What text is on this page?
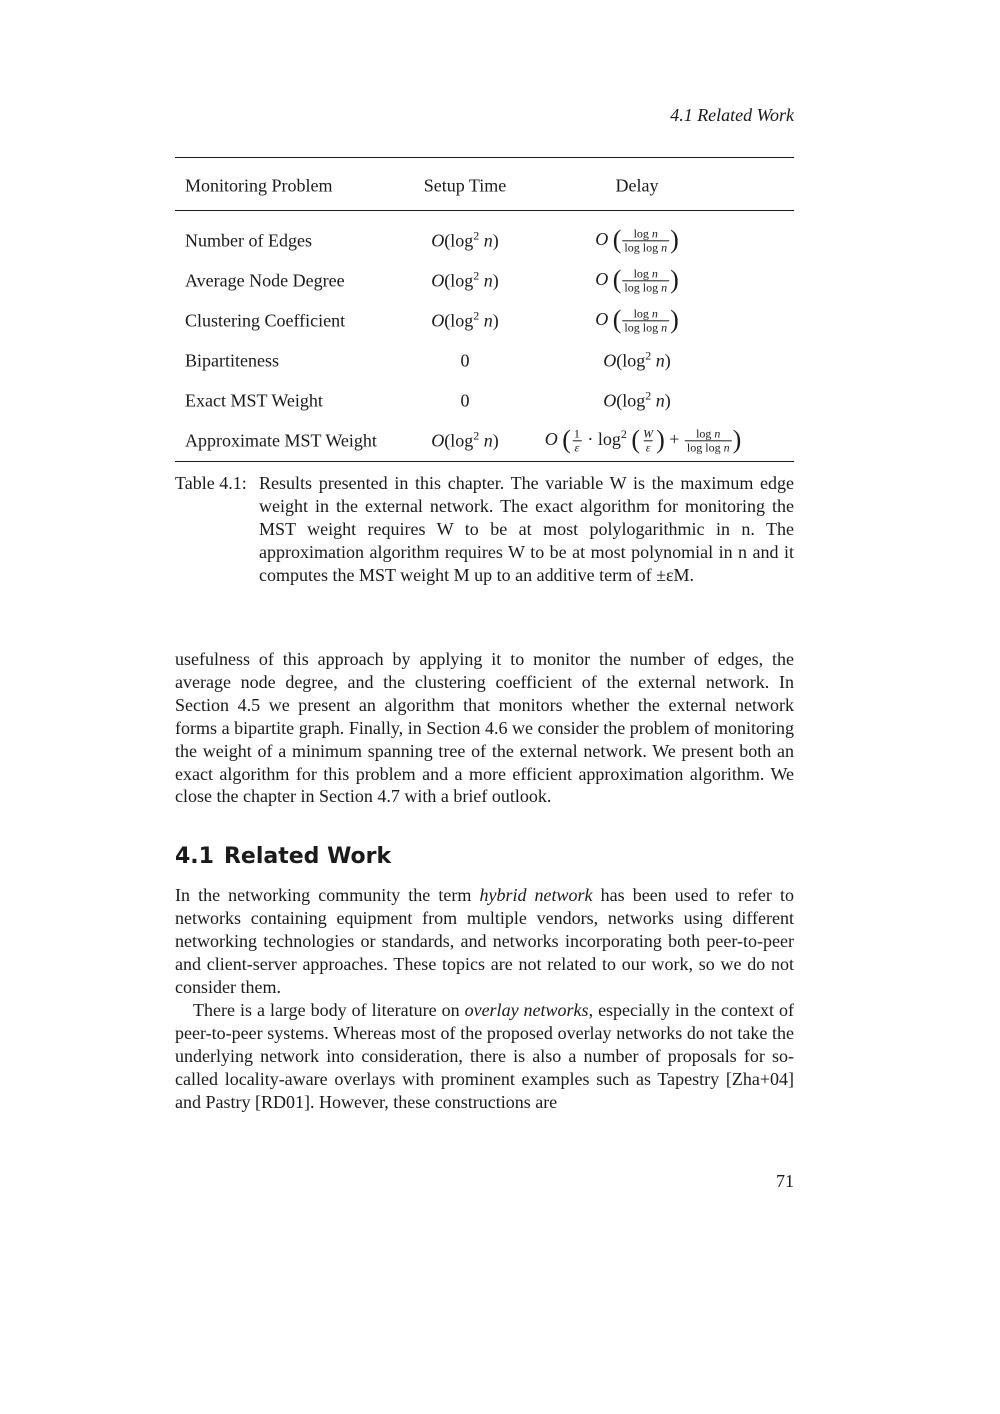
4.1 Related Work
Monitoring Problem	Setup Time	Delay
Number of Edges	$O(\log^2$ n)	O ( $\frac{\text{log n}}{\text{log log n}}$ )
Average Node Degree	$O(\log^2$ n)	O ( $\frac{\text{log n}}{\text{log log n}}$ )
Clustering Coefficient	$O(\log^2$ n)	O ( $\frac{\text{log n}}{\text{log log n}}$ )
Bipartiteness	0	$O(\log^2$ n)
Exact MST Weight	0	$O(\log^2$ n)
Approximate MST Weight	$O(\log^2$ n)	O ( $\frac{1}{\varepsilon} \cdot \log^2$ ( $\frac{W}{\varepsilon}$ ) + $\frac{\text{log n}}{\text{log log n}}$ )
Table 4.1: Results presented in this chapter. The variable W is the maximum edge weight in the external network. The exact algorithm for monitoring the MST weight requires W to be at most polylogarithmic in n. The approximation algorithm requires W to be at most polynomial in n and it computes the MST weight M up to an additive term of ±εM.

usefulness of this approach by applying it to monitor the number of edges, the average node degree, and the clustering coefficient of the external network. In Section 4.5 we present an algorithm that monitors whether the external network forms a bipartite graph. Finally, in Section 4.6 we consider the problem of monitoring the weight of a minimum spanning tree of the external network. We present both an exact algorithm for this problem and a more efficient approximation algorithm. We close the chapter in Section 4.7 with a brief outlook.

4.1 Related Work

In the networking community the term hybrid network has been used to refer to networks containing equipment from multiple vendors, networks using different networking technologies or standards, and networks incorporating both peer-to-peer and client-server approaches. These topics are not related to our work, so we do not consider them.

There is a large body of literature on overlay networks, especially in the context of peer-to-peer systems. Whereas most of the proposed overlay networks do not take the underlying network into consideration, there is also a number of proposals for so-called locality-aware overlays with prominent examples such as Tapestry [Zha+04] and Pastry [RD01]. However, these constructions are

71
